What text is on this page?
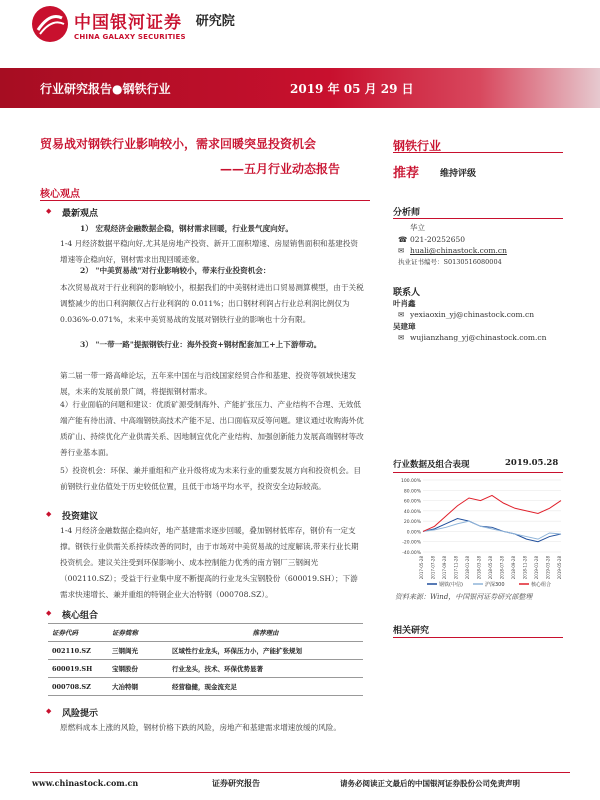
中国银河证券
CHINA GALAXY SECURITIES
研究院
行业研究报告●钢铁行业	2019 年 05 月 29 日
贸易战对钢铁行业影响较小，需求回暖突显投资机会
——五月行业动态报告
核心观点
◆ 最新观点
1） 宏观经济金融数据企稳，钢材需求回暖，行业景气度向好。
1-4 月经济数据平稳向好,尤其是房地产投资、新开工面积增速、房屋销售面积和基建投资增速等企稳向好，钢材需求出现回暖迹象。
2） "中美贸易战"对行业影响较小，带来行业投资机会：
本次贸易战对于行业利润的影响较小，根据我们的中美钢材进出口贸易测算模型，由于关税调整减少的出口利润额仅占行业利润的 0.011%；出口钢材利润占行业总利润比例仅为 0.036%-0.071%，未来中美贸易战的发展对钢铁行业的影响也十分有限。
3） "一带一路"提振钢铁行业：海外投资+钢材配套加工+上下游带动。
第二届一带一路高峰论坛，五年来中国在与沿线国家经贸合作和基建、投资等领域快速发展，未来的发展前景广阔，将提振钢材需求。
4）行业面临的问题和建议：优质矿源受制海外、产能扩张压力、产业结构不合理、无效低端产能有待出清、中高端钢铁高技术产能不足、出口面临双反等问题。建议通过收购海外优质矿山、持续优化产业供需关系、因地制宜优化产业结构、加强创新能力发展高端钢材等改善行业基本面。
5）投资机会：环保、兼并重组和产业升级将成为未来行业的重要发展方向和投资机会。目前钢铁行业估值处于历史较低位置，且低于市场平均水平，投资安全边际较高。
◆ 投资建议
1-4 月经济金融数据企稳向好，地产基建需求逐步回暖，叠加钢材低库存，钢价有一定支撑。钢铁行业供需关系持续改善的同时，由于市场对中美贸易战的过度解读,带来行业长期投资机会。建议关注受到环保影响小、成本控制能力优秀的南方钢厂三钢闽光（002110.SZ）；受益于行业集中度不断提高的行业龙头宝钢股份（600019.SH）；下游需求快速增长、兼并重组的特钢企业大冶特钢（000708.SZ）。
◆ 核心组合
证券代码	证券简称	推荐理由
002110.SZ	三钢闽光	区域性行业龙头，环保压力小，产能扩张规划
600019.SH	宝钢股份	行业龙头，技术、环保优势显著
000708.SZ	大冶特钢	经营稳健，现金流充足
◆ 风险提示
原燃料成本上涨的风险，钢材价格下跌的风险，房地产和基建需求增速放缓的风险。
钢铁行业
推荐 维持评级
分析师
华立
☎ 021-20252650
✉ huali@chinastock.com.cn
执业证书编号：S0130516080004
联系人
叶肖鑫
✉ yexiaoxin_yj@chinastock.com.cn
吴建璋
✉ wujianzhang_yj@chinastock.com.cn
行业数据及组合表现	2019.05.28
100.00%
80.00%
60.00%
40.00%
20.00%
0.00%
-20.00%
-40.00%
2017-05-28 2017-07-28 2017-09-28 2017-11-28 2018-01-28 2018-03-28 2018-05-28 2018-07-28 2018-09-28 2018-11-28 2019-01-28 2019-03-28 2019-05-28
钢铁(中信)	沪深300	核心组合
资料来源：Wind，中国银河证券研究部整理
相关研究
www.chinastock.com.cn	证券研究报告	请务必阅读正文最后的中国银河证券股份公司免责声明
